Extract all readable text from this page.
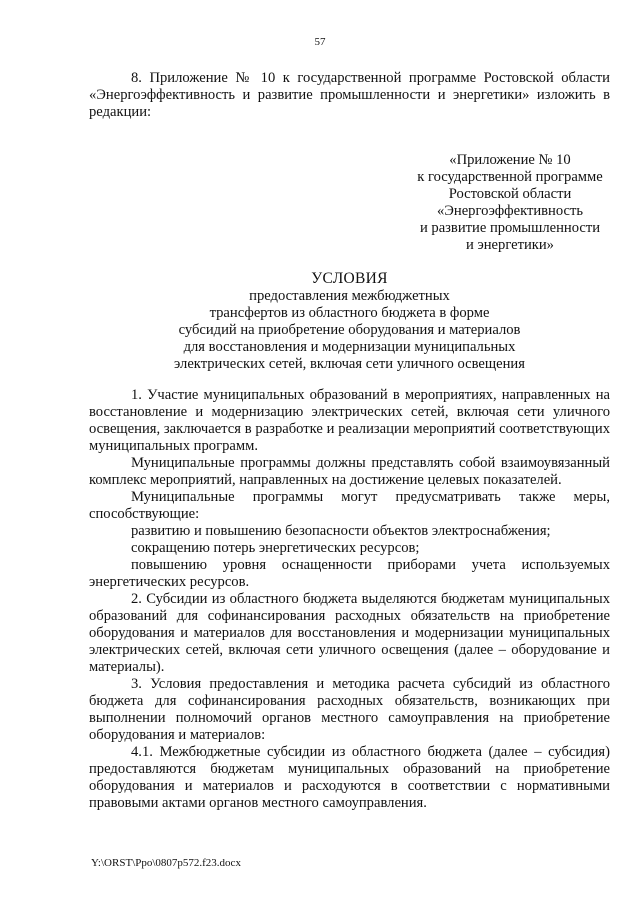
57

8. Приложение № 10 к государственной программе Ростовской области «Энергоэффективность и развитие промышленности и энергетики» изложить в редакции:

«Приложение № 10
к государственной программе
Ростовской области
«Энергоэффективность
и развитие промышленности
и энергетики»
УСЛОВИЯ
предоставления межбюджетных
трансфертов из областного бюджета в форме
субсидий на приобретение оборудования и материалов
для восстановления и модернизации муниципальных
электрических сетей, включая сети уличного освещения

1. Участие муниципальных образований в мероприятиях, направленных на восстановление и модернизацию электрических сетей, включая сети уличного освещения, заключается в разработке и реализации мероприятий соответствующих муниципальных программ.

Муниципальные программы должны представлять собой взаимоувязанный комплекс мероприятий, направленных на достижение целевых показателей.

Муниципальные программы могут предусматривать также меры, способствующие:

развитию и повышению безопасности объектов электроснабжения;

сокращению потерь энергетических ресурсов;

повышению уровня оснащенности приборами учета используемых энергетических ресурсов.

2. Субсидии из областного бюджета выделяются бюджетам муниципальных образований для софинансирования расходных обязательств на приобретение оборудования и материалов для восстановления и модернизации муниципальных электрических сетей, включая сети уличного освещения (далее – оборудование и материалы).

3. Условия предоставления и методика расчета субсидий из областного бюджета для софинансирования расходных обязательств, возникающих при выполнении полномочий органов местного самоуправления на приобретение оборудования и материалов:

4.1. Межбюджетные субсидии из областного бюджета (далее – субсидия) предоставляются бюджетам муниципальных образований на приобретение оборудования и материалов и расходуются в соответствии с нормативными правовыми актами органов местного самоуправления.

Y:\ORST\Ppo\0807p572.f23.docx
